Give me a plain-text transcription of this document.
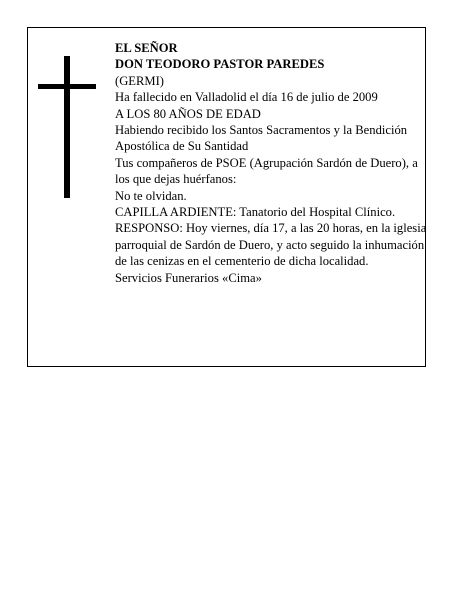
EL SEÑOR

DON TEODORO PASTOR PAREDES

(GERMI)

Ha fallecido en Valladolid el día 16 de julio de 2009

A LOS 80 AÑOS DE EDAD

Habiendo recibido los Santos Sacramentos y la Bendición Apostólica de Su Santidad

Tus compañeros de PSOE (Agrupación Sardón de Duero), a los que dejas huérfanos:

No te olvidan.

CAPILLA ARDIENTE: Tanatorio del Hospital Clínico.

RESPONSO: Hoy viernes, día 17, a las 20 horas, en la iglesia parroquial de Sardón de Duero, y acto seguido la inhumación de las cenizas en el cementerio de dicha localidad.

Servicios Funerarios «Cima»
